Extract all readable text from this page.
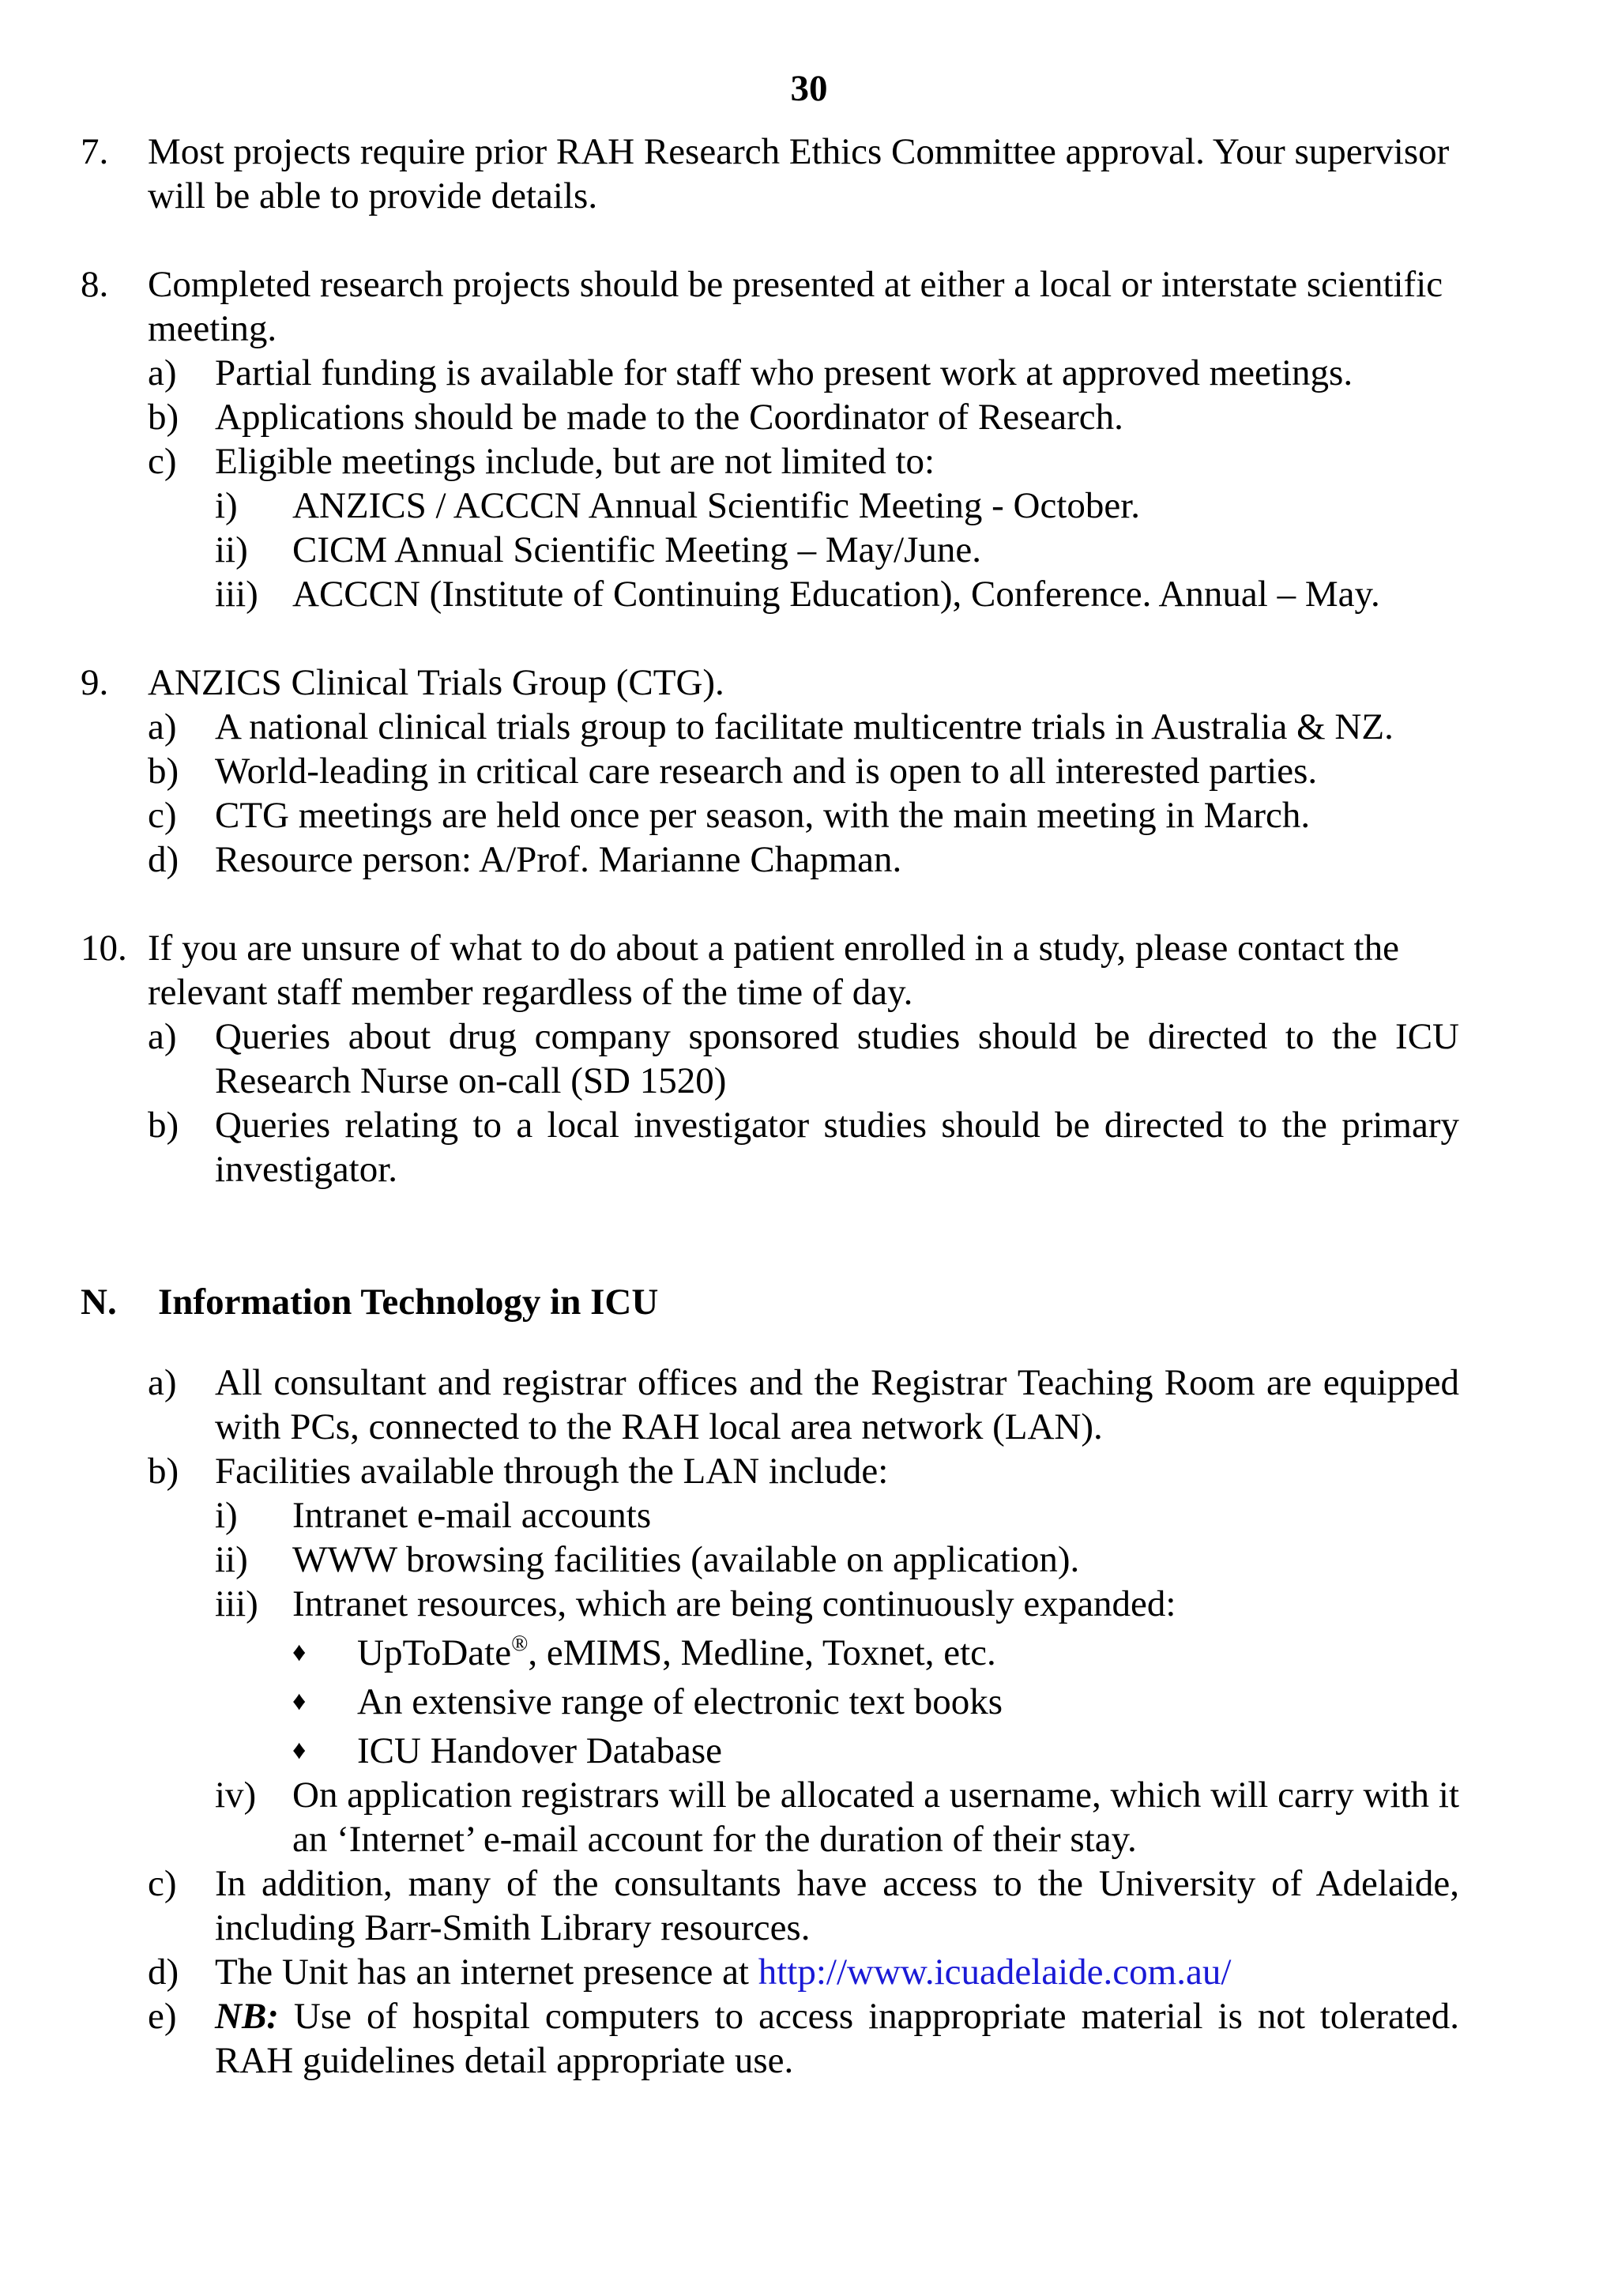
30
7.	Most projects require prior RAH Research Ethics Committee approval. Your supervisor will be able to provide details.
8.	Completed research projects should be presented at either a local or interstate scientific meeting.
a)	Partial funding is available for staff who present work at approved meetings.
b) Applications should be made to the Coordinator of Research.
c)	Eligible meetings include, but are not limited to:
i)	ANZICS / ACCCN Annual Scientific Meeting - October.
ii)	CICM Annual Scientific Meeting – May/June.
iii) ACCCN (Institute of Continuing Education), Conference. Annual – May.
9.	ANZICS Clinical Trials Group (CTG).
a)	A national clinical trials group to facilitate multicentre trials in Australia & NZ.
b) World-leading in critical care research and is open to all interested parties.
c)	CTG meetings are held once per season, with the main meeting in March.
d) Resource person: A/Prof. Marianne Chapman.
10. If you are unsure of what to do about a patient enrolled in a study, please contact the relevant staff member regardless of the time of day.
a)	Queries about drug company sponsored studies should be directed to the ICU Research Nurse on-call (SD 1520)
b) Queries relating to a local investigator studies should be directed to the primary investigator.
N.	Information Technology in ICU
a)	All consultant and registrar offices and the Registrar Teaching Room are equipped with PCs, connected to the RAH local area network (LAN).
b) Facilities available through the LAN include:
i)	Intranet e-mail accounts
ii)	WWW browsing facilities (available on application).
iii) Intranet resources, which are being continuously expanded:
♦	UpToDate®, eMIMS, Medline, Toxnet, etc.
♦	An extensive range of electronic text books
♦	ICU Handover Database
iv) On application registrars will be allocated a username, which will carry with it an ‘Internet’ e-mail account for the duration of their stay.
c)	In addition, many of the consultants have access to the University of Adelaide, including Barr-Smith Library resources.
d) The Unit has an internet presence at http://www.icuadelaide.com.au/
e)	NB: Use of hospital computers to access inappropriate material is not tolerated. RAH guidelines detail appropriate use.
